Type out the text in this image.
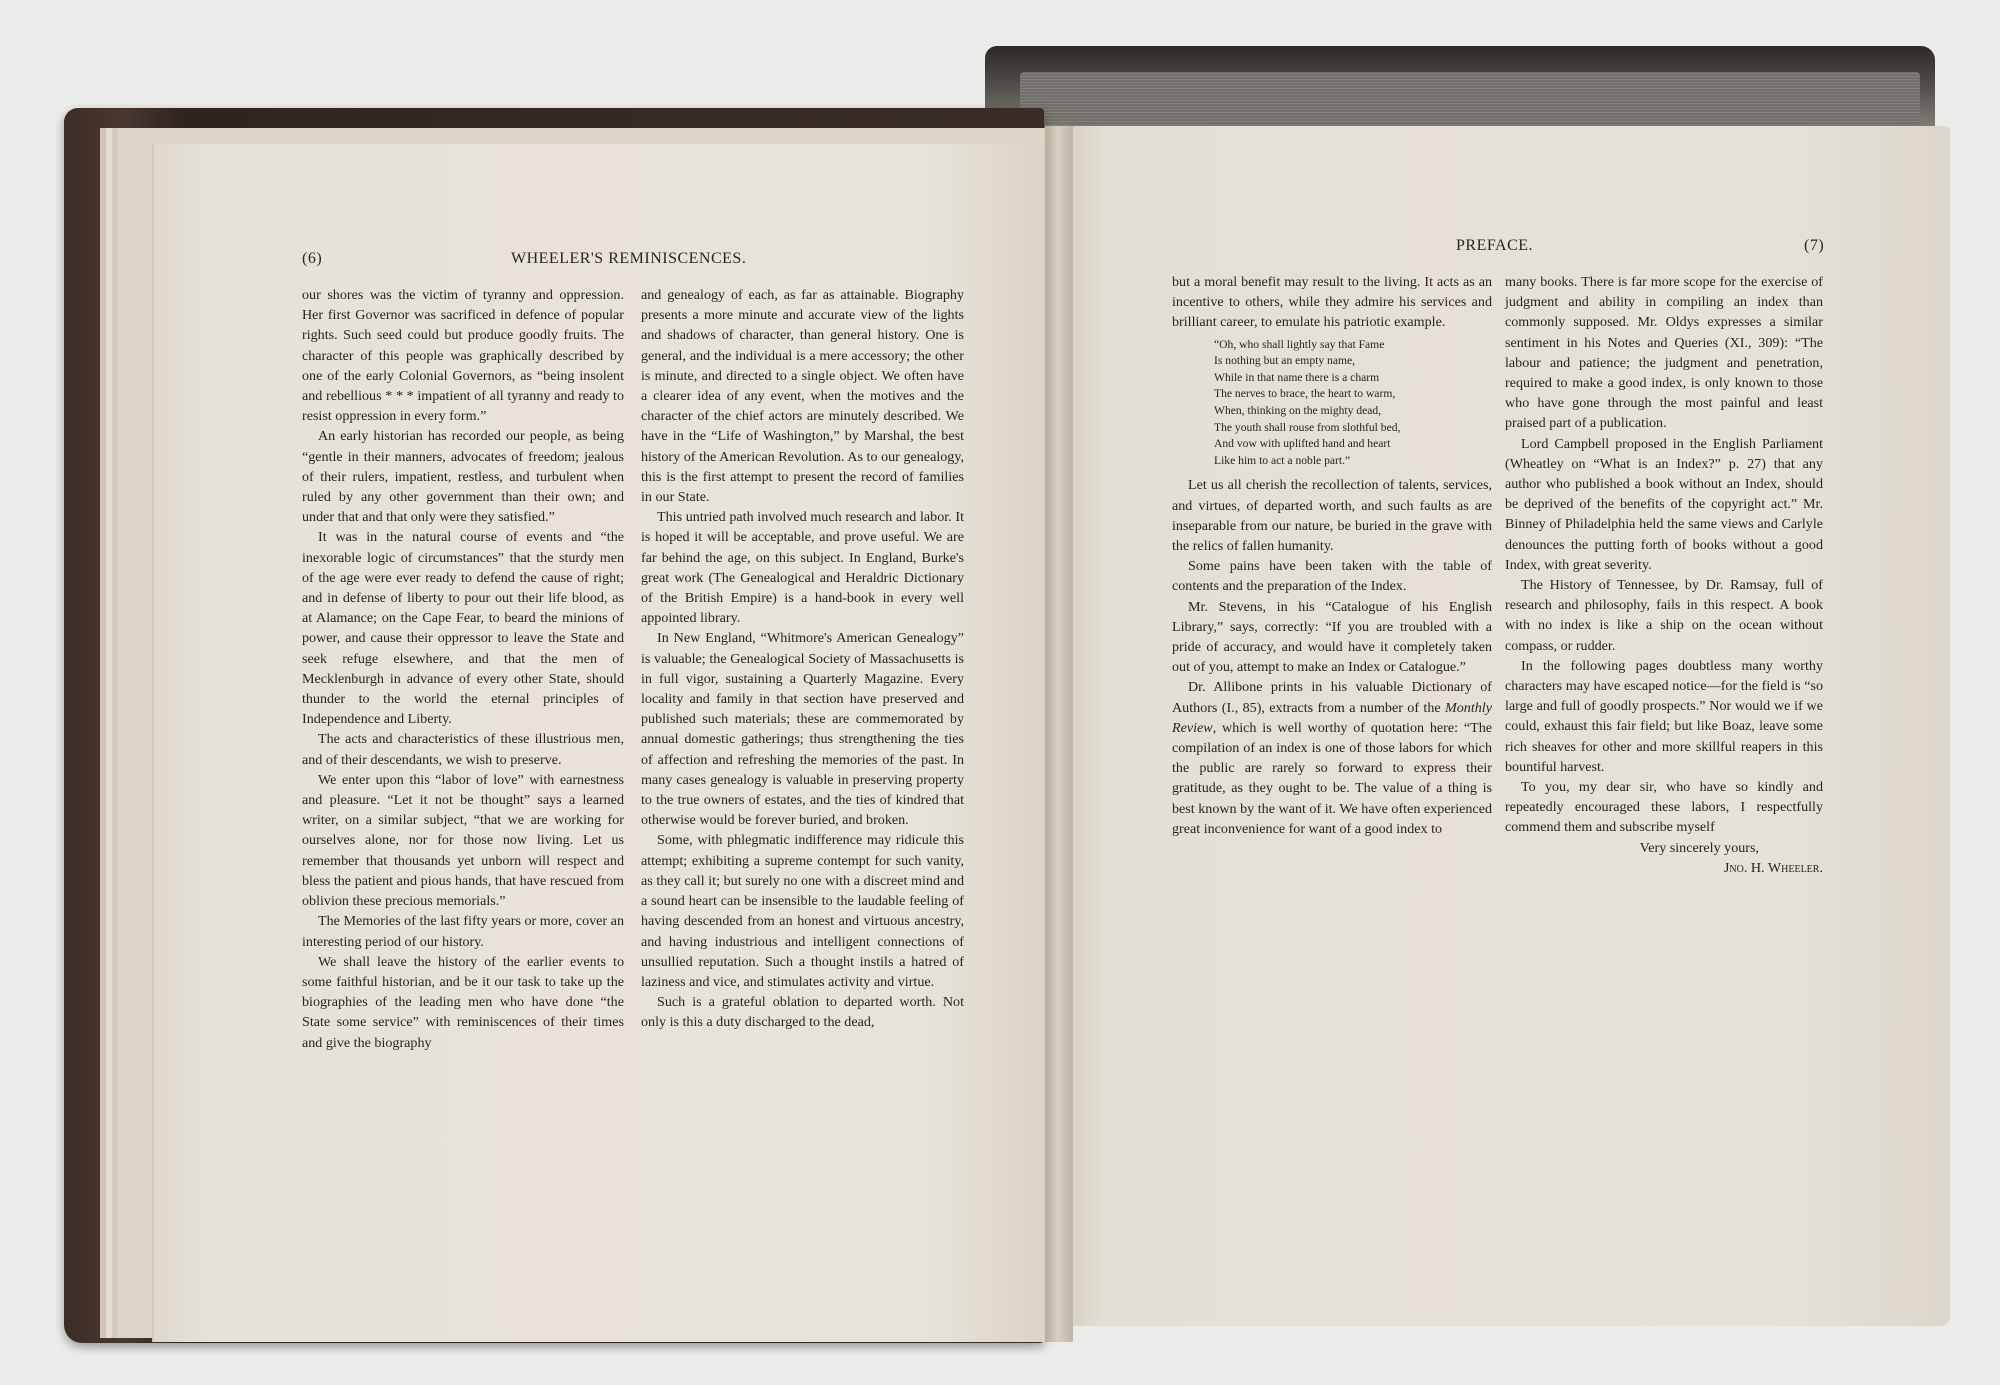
(6)	WHEELER'S REMINISCENCES.

our shores was the victim of tyranny and oppression. Her first Governor was sacrificed in defence of popular rights. Such seed could but produce goodly fruits. The character of this people was graphically described by one of the early Colonial Governors, as “being insolent and rebellious * * * impatient of all tyranny and ready to resist oppression in every form.”

An early historian has recorded our people, as being “gentle in their manners, advocates of freedom; jealous of their rulers, impatient, restless, and turbulent when ruled by any other government than their own; and under that and that only were they satisfied.”

It was in the natural course of events and “the inexorable logic of circumstances” that the sturdy men of the age were ever ready to defend the cause of right; and in defense of liberty to pour out their life blood, as at Alamance; on the Cape Fear, to beard the minions of power, and cause their oppressor to leave the State and seek refuge elsewhere, and that the men of Mecklenburgh in advance of every other State, should thunder to the world the eternal principles of Independence and Liberty.

The acts and characteristics of these illustrious men, and of their descendants, we wish to preserve.

We enter upon this “labor of love” with earnestness and pleasure. “Let it not be thought” says a learned writer, on a similar subject, “that we are working for ourselves alone, nor for those now living. Let us remember that thousands yet unborn will respect and bless the patient and pious hands, that have rescued from oblivion these precious memorials.”

The Memories of the last fifty years or more, cover an interesting period of our history.

We shall leave the history of the earlier events to some faithful historian, and be it our task to take up the biographies of the leading men who have done “the State some service” with reminiscences of their times and give the biography

and genealogy of each, as far as attainable. Biography presents a more minute and accurate view of the lights and shadows of character, than general history. One is general, and the individual is a mere accessory; the other is minute, and directed to a single object. We often have a clearer idea of any event, when the motives and the character of the chief actors are minutely described. We have in the “Life of Washington,” by Marshal, the best history of the American Revolution. As to our genealogy, this is the first attempt to present the record of families in our State.

This untried path involved much research and labor. It is hoped it will be acceptable, and prove useful. We are far behind the age, on this subject. In England, Burke's great work (The Genealogical and Heraldric Dictionary of the British Empire) is a hand-book in every well appointed library.

In New England, “Whitmore's American Genealogy” is valuable; the Genealogical Society of Massachusetts is in full vigor, sustaining a Quarterly Magazine. Every locality and family in that section have preserved and published such materials; these are commemorated by annual domestic gatherings; thus strengthening the ties of affection and refreshing the memories of the past. In many cases genealogy is valuable in preserving property to the true owners of estates, and the ties of kindred that otherwise would be forever buried, and broken.

Some, with phlegmatic indifference may ridicule this attempt; exhibiting a supreme contempt for such vanity, as they call it; but surely no one with a discreet mind and a sound heart can be insensible to the laudable feeling of having descended from an honest and virtuous ancestry, and having industrious and intelligent connections of unsullied reputation. Such a thought instils a hatred of laziness and vice, and stimulates activity and virtue.

Such is a grateful oblation to departed worth. Not only is this a duty discharged to the dead,

PREFACE.	(7)

but a moral benefit may result to the living. It acts as an incentive to others, while they admire his services and brilliant career, to emulate his patriotic example.

“Oh, who shall lightly say that Fame
Is nothing but an empty name,
While in that name there is a charm
The nerves to brace, the heart to warm,
When, thinking on the mighty dead,
The youth shall rouse from slothful bed,
And vow with uplifted hand and heart
Like him to act a noble part.”

Let us all cherish the recollection of talents, services, and virtues, of departed worth, and such faults as are inseparable from our nature, be buried in the grave with the relics of fallen humanity.

Some pains have been taken with the table of contents and the preparation of the Index.

Mr. Stevens, in his “Catalogue of his English Library,” says, correctly: “If you are troubled with a pride of accuracy, and would have it completely taken out of you, attempt to make an Index or Catalogue.”

Dr. Allibone prints in his valuable Dictionary of Authors (I., 85), extracts from a number of the Monthly Review, which is well worthy of quotation here: “The compilation of an index is one of those labors for which the public are rarely so forward to express their gratitude, as they ought to be. The value of a thing is best known by the want of it. We have often experienced great inconvenience for want of a good index to

many books. There is far more scope for the exercise of judgment and ability in compiling an index than commonly supposed. Mr. Oldys expresses a similar sentiment in his Notes and Queries (XI., 309): “The labour and patience; the judgment and penetration, required to make a good index, is only known to those who have gone through the most painful and least praised part of a publication.

Lord Campbell proposed in the English Parliament (Wheatley on “What is an Index?” p. 27) that any author who published a book without an Index, should be deprived of the benefits of the copyright act.” Mr. Binney of Philadelphia held the same views and Carlyle denounces the putting forth of books without a good Index, with great severity.

The History of Tennessee, by Dr. Ramsay, full of research and philosophy, fails in this respect. A book with no index is like a ship on the ocean without compass, or rudder.

In the following pages doubtless many worthy characters may have escaped notice—for the field is “so large and full of goodly prospects.” Nor would we if we could, exhaust this fair field; but like Boaz, leave some rich sheaves for other and more skillful reapers in this bountiful harvest.

To you, my dear sir, who have so kindly and repeatedly encouraged these labors, I respectfully commend them and subscribe myself

Very sincerely yours,

Jno. H. Wheeler.
